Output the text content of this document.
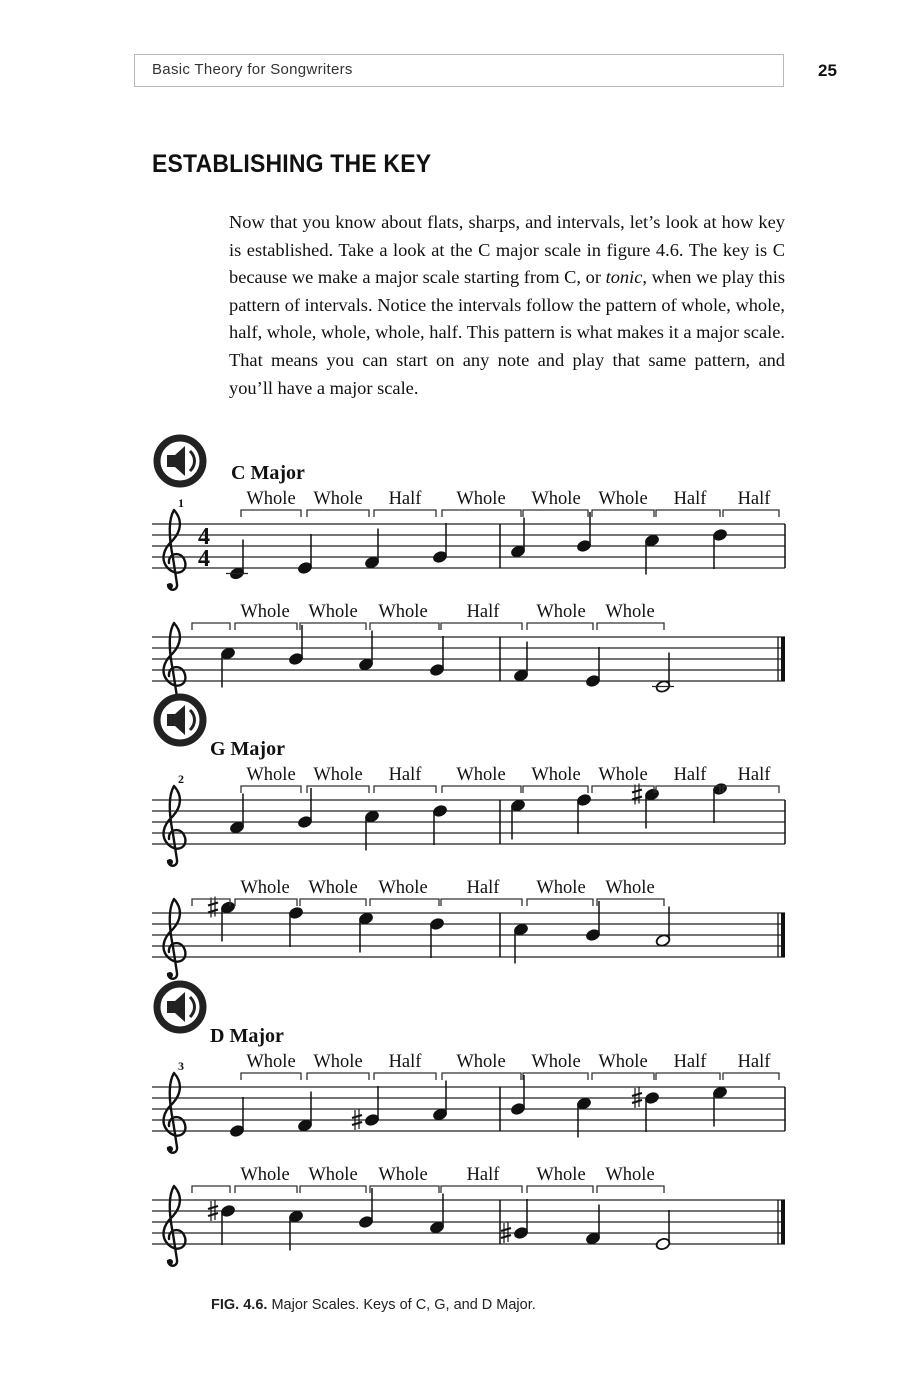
Basic Theory for Songwriters	25
ESTABLISHING THE KEY

Now that you know about flats, sharps, and intervals, let’s look at how key is established. Take a look at the C major scale in figure 4.6. The key is C because we make a major scale starting from C, or tonic, when we play this pattern of intervals. Notice the intervals follow the pattern of whole, whole, half, whole, whole, whole, half. This pattern is what makes it a major scale. That means you can start on any note and play that same pattern, and you’ll have a major scale.

C Major
1
4
4
Whole Whole Half Whole Whole Whole Half Half
Whole Whole Whole Half Whole Whole
G Major
2	Whole Whole Half Whole Whole Whole Half Half
Whole Whole Whole Half Whole Whole
D Major
3	Whole Whole Half Whole Whole Whole Half Half
Whole Whole Whole Half Whole Whole
FIG. 4.6. Major Scales. Keys of C, G, and D Major.
